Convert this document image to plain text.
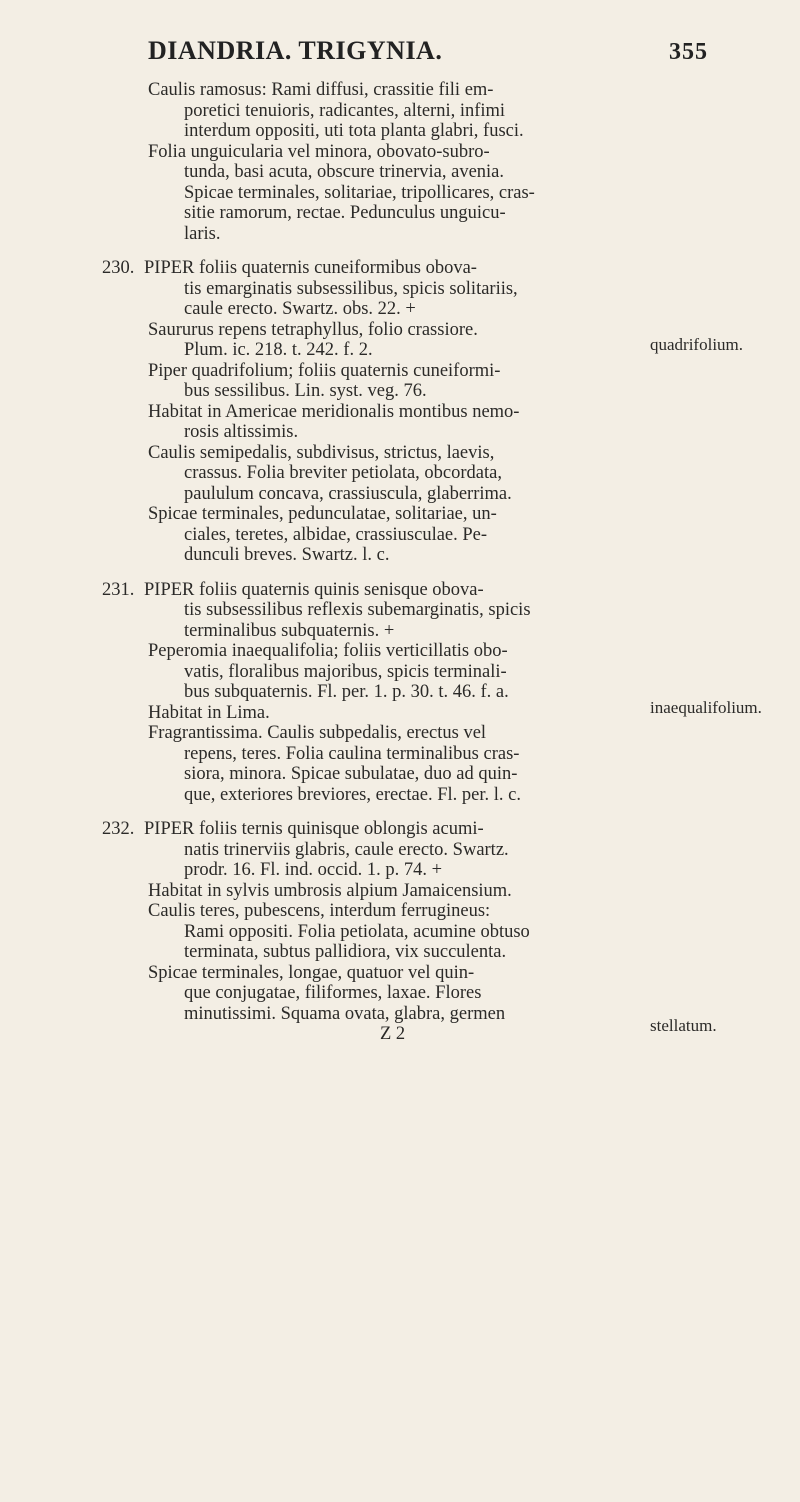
DIANDRIA. TRIGYNIA.	355
Caulis ramosus: Rami diffusi, crassitie fili em-
poretici tenuioris, radicantes, alterni, infimi
interdum oppositi, uti tota planta glabri, fusci.
Folia unguicularia vel minora, obovato-subro-
tunda, basi acuta, obscure trinervia, avenia.
Spicae terminales, solitariae, tripollicares, cras-
sitie ramorum, rectae. Pedunculus unguicu-
laris.
230. PIPER foliis quaternis cuneiformibus obova-
tis emarginatis subsessilibus, spicis solitariis,
caule erecto. Swartz. obs. 22. +
Saururus repens tetraphyllus, folio crassiore.
Plum. ic. 218. t. 242. f. 2.
Piper quadrifolium; foliis quaternis cuneiformi-
bus sessilibus. Lin. syst. veg. 76.
Habitat in Americae meridionalis montibus nemo-
rosis altissimis.
Caulis semipedalis, subdivisus, strictus, laevis,
crassus. Folia breviter petiolata, obcordata,
paululum concava, crassiuscula, glaberrima.
Spicae terminales, pedunculatae, solitariae, un-
ciales, teretes, albidae, crassiusculae. Pe-
dunculi breves. Swartz. l. c.
231. PIPER foliis quaternis quinis senisque obova-
tis subsessilibus reflexis subemarginatis, spicis
terminalibus subquaternis. +
Peperomia inaequalifolia; foliis verticillatis obo-
vatis, floralibus majoribus, spicis terminali-
bus subquaternis. Fl. per. 1. p. 30. t. 46. f. a.
Habitat in Lima.
Fragrantissima. Caulis subpedalis, erectus vel
repens, teres. Folia caulina terminalibus cras-
siora, minora. Spicae subulatae, duo ad quin-
que, exteriores breviores, erectae. Fl. per. l. c.
232. PIPER foliis ternis quinisque oblongis acumi-
natis trinerviis glabris, caule erecto. Swartz.
prodr. 16. Fl. ind. occid. 1. p. 74. +
Habitat in sylvis umbrosis alpium Jamaicensium.
Caulis teres, pubescens, interdum ferrugineus:
Rami oppositi. Folia petiolata, acumine obtuso
terminata, subtus pallidiora, vix succulenta.
Spicae terminales, longae, quatuor vel quin-
que conjugatae, filiformes, laxae. Flores
minutissimi. Squama ovata, glabra, germen
Z 2
quadrifolium.
inaequalifolium.
stellatum.
